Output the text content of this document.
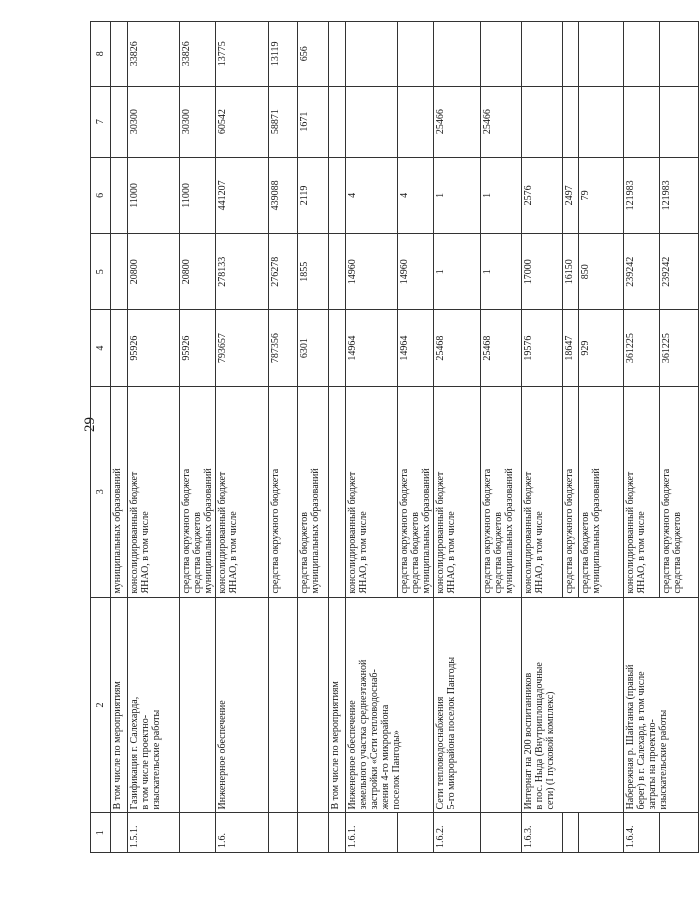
29
1	2	3	4	5	6	7	8
	В том числе по мероприятиям	муниципальных образований					
1.5.1.	Газификация г. Салехарда,
в том числе проектно-
изыскательские работы	консолидированный бюджет
ЯНАО, в том числе	95926	20800	11000	30300	33826
		средства окружного бюджета
средства бюджетов
муниципальных образований	95926	20800	11000	30300	33826
1.6.	Инженерное обеспечение	консолидированный бюджет
ЯНАО, в том числе	793657	278133	441207	60542	13775
		средства окружного бюджета	787356	276278	439088	58871	13119
		средства бюджетов
муниципальных образований	6301	1855	2119	1671	656
	В том числе по мероприятиям						
1.6.1.	Инженерное обеспечение
земельного участка среднеэтажной
застройки «Сети тепловодоснаб-
жения 4-го микрорайона
поселок Пангоды»	консолидированный бюджет
ЯНАО, в том числе	14964	14960	4		
		средства окружного бюджета
средства бюджетов
муниципальных образований	14964	14960	4		
1.6.2.	Сети тепловодоснабжения
5-го микрорайона поселок Пангоды	консолидированный бюджет
ЯНАО, в том числе	25468	1	1	25466	
		средства окружного бюджета
средства бюджетов
муниципальных образований	25468	1	1	25466	
1.6.3.	Интернат на 200 воспитанников
в пос. Ныда (Внутриплощадочные
сети) (I пусковой комплекс)	консолидированный бюджет
ЯНАО, в том числе	19576	17000	2576		
		средства окружного бюджета	18647	16150	2497		
		средства бюджетов
муниципальных образований	929	850	79		
1.6.4.	Набережная р. Шайтанка (правый
берег) в г. Салехард, в том числе
затраты на проектно-
изыскательские работы	консолидированный бюджет
ЯНАО, в том числе	361225	239242	121983		
		средства окружного бюджета
средства бюджетов	361225	239242	121983		
